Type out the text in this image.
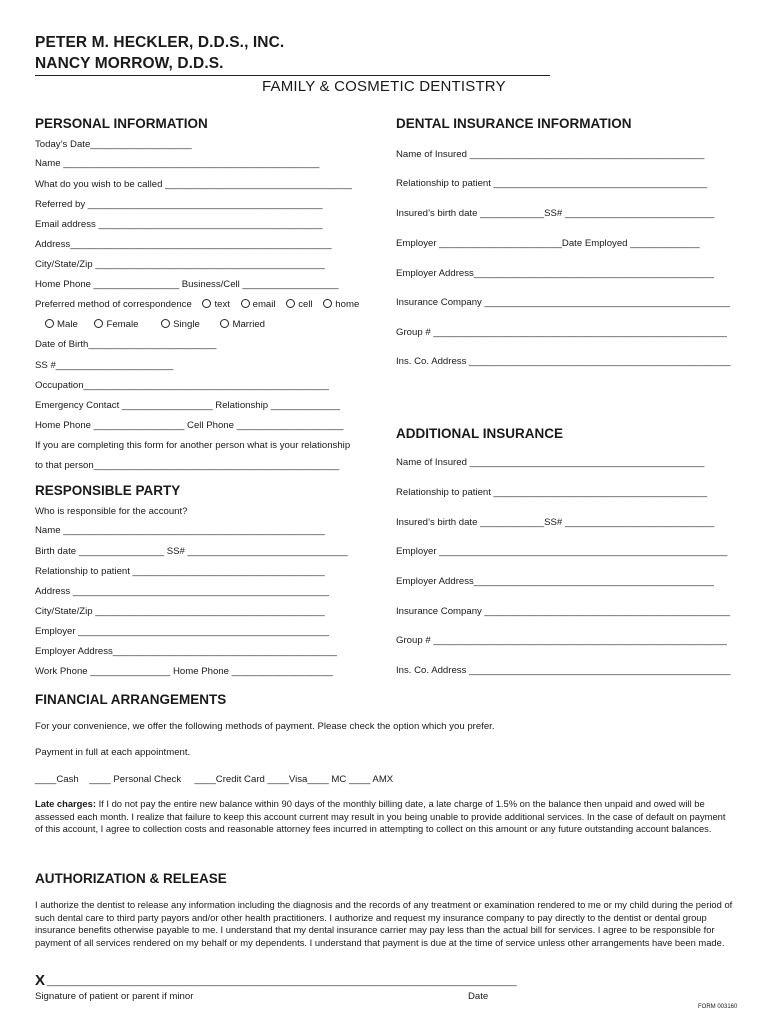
PETER M. HECKLER, D.D.S., INC.
NANCY MORROW, D.D.S.
FAMILY & COSMETIC DENTISTRY
PERSONAL INFORMATION
Today’s Date___________________
Name ________________________________________________
What do you wish to be called ___________________________________
Referred by ____________________________________________
Email address __________________________________________
Address_________________________________________________
City/State/Zip ___________________________________________
Home Phone ________________ Business/Cell __________________
Preferred method of correspondence text email cell home
Male	Female	Single	Married
Date of Birth________________________
SS #______________________
Occupation______________________________________________
Emergency Contact _________________ Relationship _____________
Home Phone _________________ Cell Phone ____________________
If you are completing this form for another person what is your relationship
to that person______________________________________________
RESPONSIBLE PARTY
Who is responsible for the account?
Name _________________________________________________
Birth date ________________ SS# ______________________________
Relationship to patient ____________________________________
Address ________________________________________________
City/State/Zip ___________________________________________
Employer _______________________________________________
Employer Address__________________________________________
Work Phone _______________ Home Phone ___________________
DENTAL INSURANCE INFORMATION
Name of Insured ____________________________________________
Relationship to patient ________________________________________
Insured’s birth date ____________SS# ____________________________
Employer _______________________Date Employed _____________
Employer Address_____________________________________________
Insurance Company ______________________________________________
Group # _______________________________________________________
Ins. Co. Address _________________________________________________
ADDITIONAL INSURANCE
Name of Insured ____________________________________________
Relationship to patient ________________________________________
Insured’s birth date ____________SS# ____________________________
Employer ______________________________________________________
Employer Address_____________________________________________
Insurance Company ______________________________________________
Group # _______________________________________________________
Ins. Co. Address _________________________________________________
FINANCIAL ARRANGEMENTS
For your convenience, we offer the following methods of payment. Please check the option which you prefer.
Payment in full at each appointment.
____Cash    ____ Personal Check     ____Credit Card ____Visa____ MC ____ AMX
Late charges: If I do not pay the entire new balance within 90 days of the monthly billing date, a late charge of 1.5% on the balance then unpaid and owed will be assessed each month. I realize that failure to keep this account current may result in you being unable to provide additional services. In the case of default on payment of this account, I agree to collection costs and reasonable attorney fees incurred in attempting to collect on this amount or any future outstanding account balances.
AUTHORIZATION & RELEASE
I authorize the dentist to release any information including the diagnosis and the records of any treatment or examination rendered to me or my child during the period of such dental care to third party payors and/or other health practitioners. I authorize and request my insurance company to pay directly to the dentist or dental group insurance benefits otherwise payable to me. I understand that my dental insurance carrier may pay less than the actual bill for services. I agree to be responsible for payment of all services rendered on my behalf or my dependents. I understand that payment is due at the time of service unless other arrangements have been made.
X ________________________________________________________________________________________
Signature of patient or parent if minor	Date
FORM 003160
